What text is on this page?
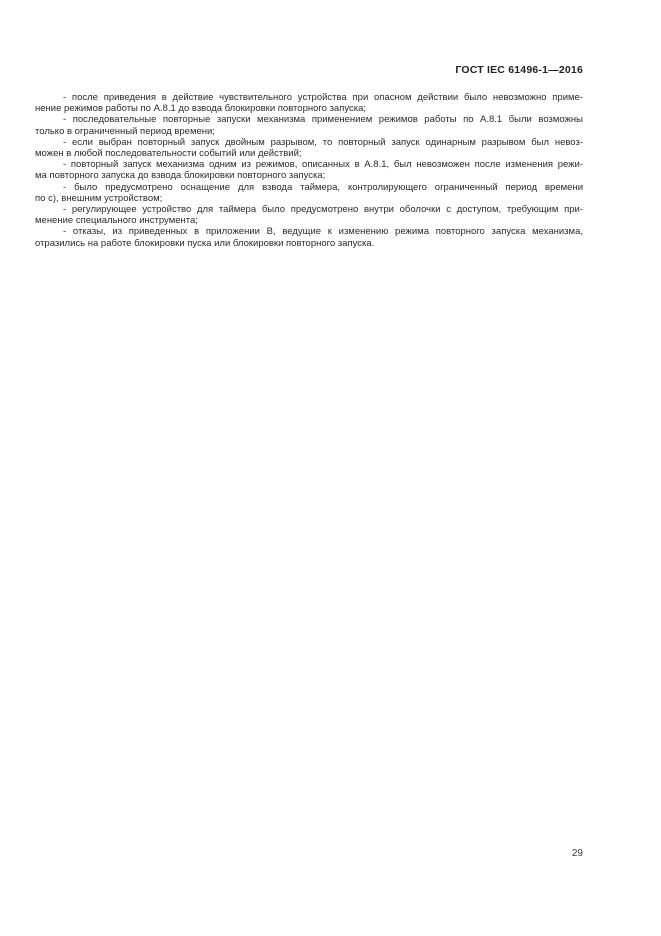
ГОСТ IEC 61496-1—2016
- после приведения в действие чувствительного устройства при опасном действии было невозможно приме-
нение режимов работы по А.8.1 до взвода блокировки повторного запуска;
- последовательные повторные запуски механизма применением режимов работы по А.8.1 были возможны
только в ограниченный период времени;
- если выбран повторный запуск двойным разрывом, то повторный запуск одинарным разрывом был невоз-
можен в любой последовательности событий или действий;
- повторный запуск механизма одним из режимов, описанных в А.8.1, был невозможен после изменения режи-
ма повторного запуска до взвода блокировки повторного запуска;
- было предусмотрено оснащение для взвода таймера, контролирующего ограниченный период времени
по с), внешним устройством;
- регулирующее устройство для таймера было предусмотрено внутри оболочки с доступом, требующим при-
менение специального инструмента;
- отказы, из приведенных в приложении В, ведущие к изменению режима повторного запуска механизма,
отразились на работе блокировки пуска или блокировки повторного запуска.
29
